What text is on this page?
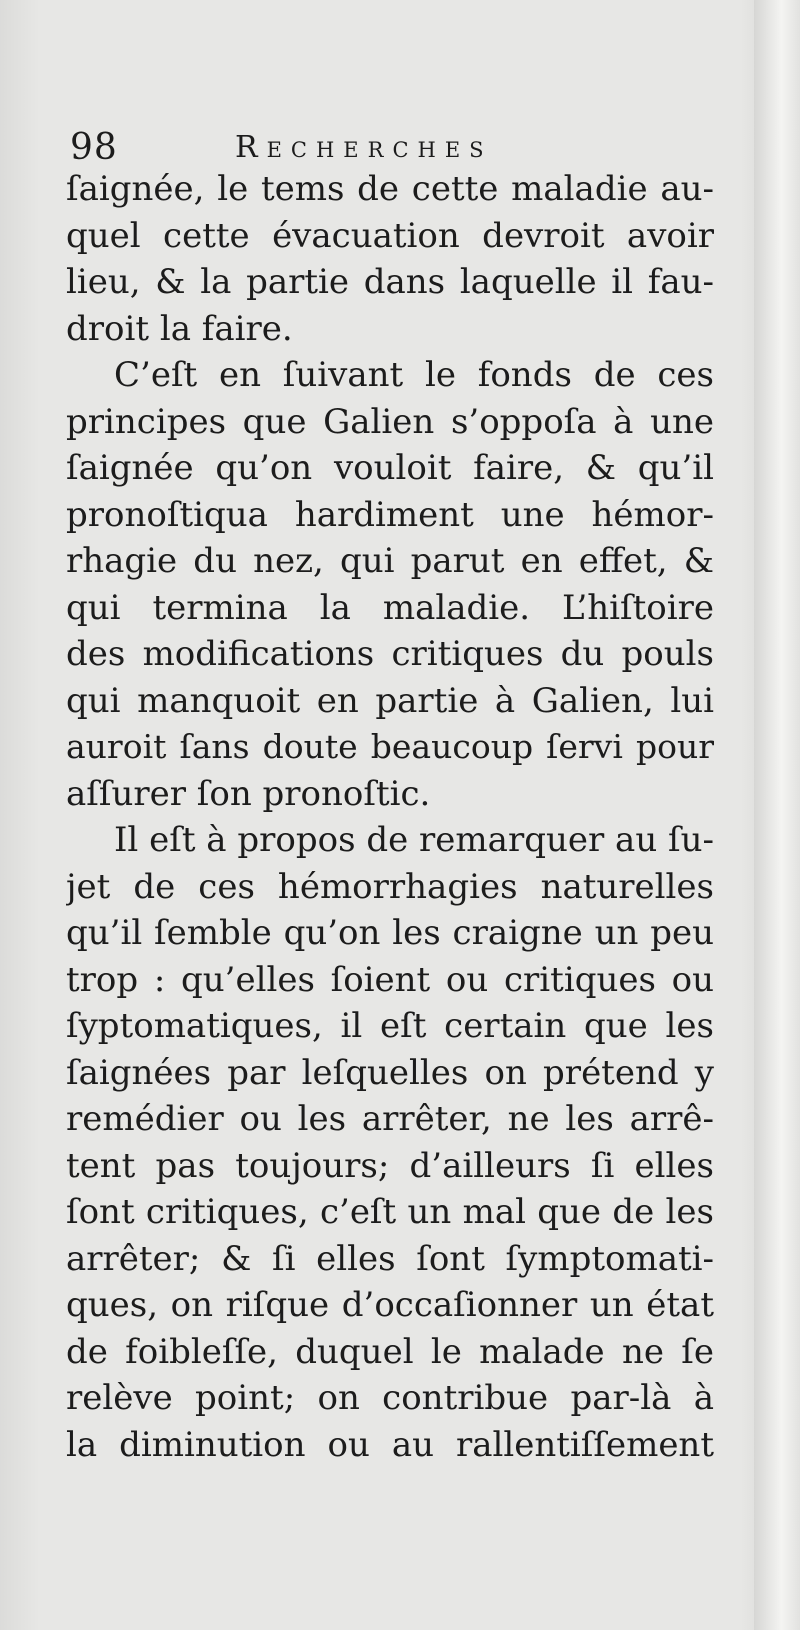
98	Recherches
ſaignée, le tems de cette maladie au-
quel cette évacuation devroit avoir
lieu, & la partie dans laquelle il fau-
droit la faire.
C’eſt en ſuivant le fonds de ces
principes que Galien s’oppoſa à une
ſaignée qu’on vouloit faire, & qu’il
pronoſtiqua hardiment une hémor-
rhagie du nez, qui parut en effet, &
qui termina la maladie. L’hiſtoire
des modifications critiques du pouls
qui manquoit en partie à Galien, lui
auroit ſans doute beaucoup ſervi pour
aſſurer ſon pronoſtic.
Il eſt à propos de remarquer au ſu-
jet de ces hémorrhagies naturelles
qu’il ſemble qu’on les craigne un peu
trop : qu’elles ſoient ou critiques ou
ſyptomatiques, il eſt certain que les
ſaignées par leſquelles on prétend y
remédier ou les arrêter, ne les arrê-
tent pas toujours; d’ailleurs ſi elles
ſont critiques, c’eſt un mal que de les
arrêter; & ſi elles ſont ſymptomati-
ques, on riſque d’occaſionner un état
de foibleſſe, duquel le malade ne ſe
relève point; on contribue par-là à
la diminution ou au rallentiſſement
